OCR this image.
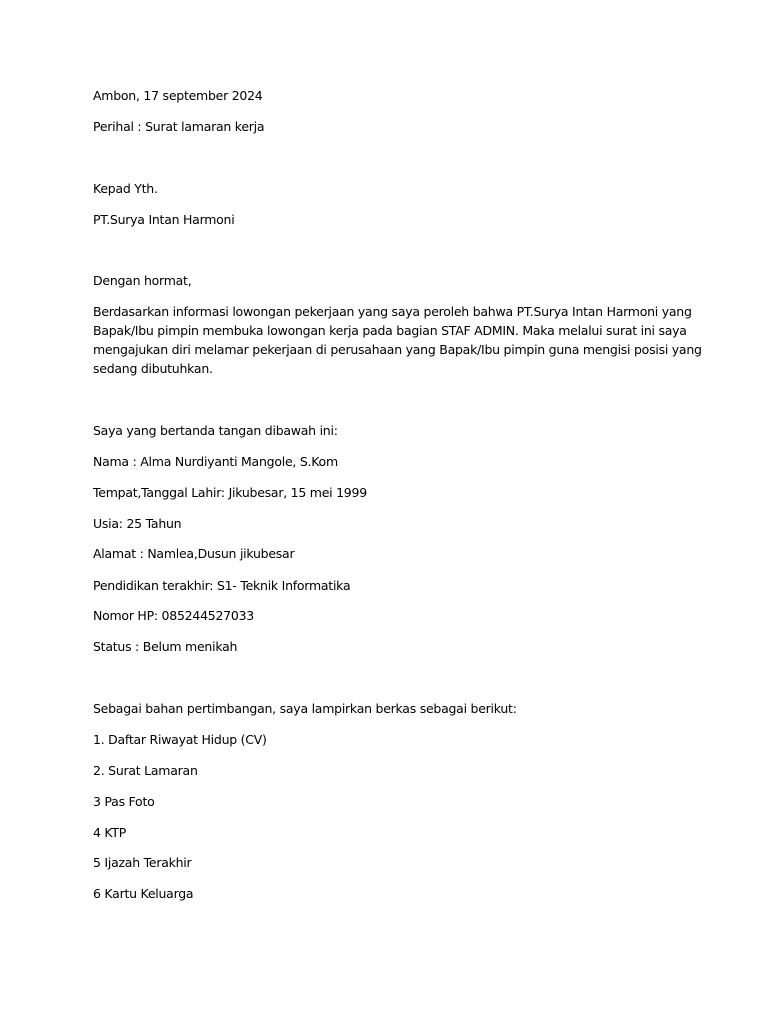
Ambon, 17 september 2024
Perihal : Surat lamaran kerja
Kepad Yth.
PT.Surya Intan Harmoni
Dengan hormat,
Berdasarkan informasi lowongan pekerjaan yang saya peroleh bahwa PT.Surya Intan Harmoni yang
Bapak/Ibu pimpin membuka lowongan kerja pada bagian STAF ADMIN. Maka melalui surat ini saya
mengajukan diri melamar pekerjaan di perusahaan yang Bapak/Ibu pimpin guna mengisi posisi yang
sedang dibutuhkan.
Saya yang bertanda tangan dibawah ini:
Nama : Alma Nurdiyanti Mangole, S.Kom
Tempat,Tanggal Lahir: Jikubesar, 15 mei 1999
Usia: 25 Tahun
Alamat : Namlea,Dusun jikubesar
Pendidikan terakhir: S1- Teknik Informatika
Nomor HP: 085244527033
Status : Belum menikah
Sebagai bahan pertimbangan, saya lampirkan berkas sebagai berikut:
1. Daftar Riwayat Hidup (CV)
2. Surat Lamaran
3 Pas Foto
4 KTP
5 Ijazah Terakhir
6 Kartu Keluarga
